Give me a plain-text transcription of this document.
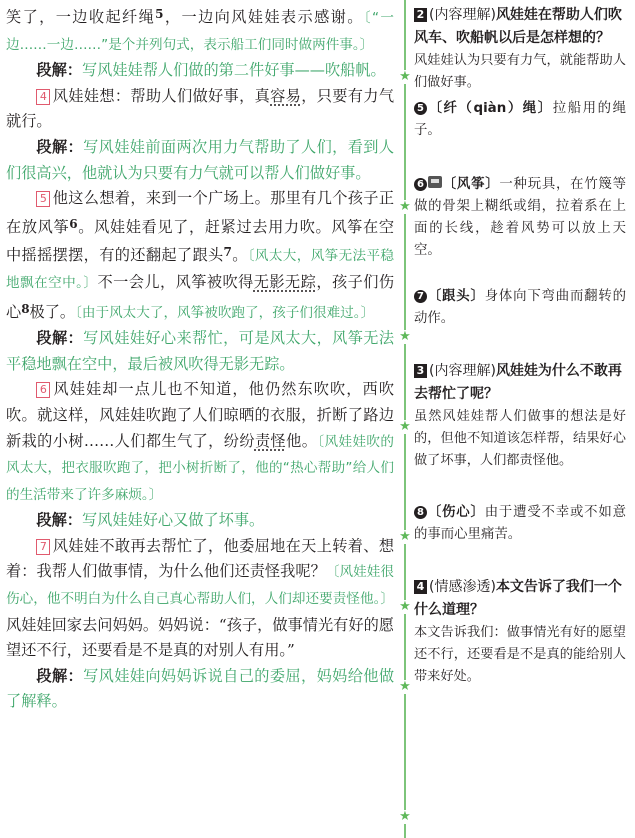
笑了，一边收起纤绳$^5$，一边向风娃娃表示感谢。〔“一边……一边……”是个并列句式，表示船工们同时做两件事。〕

段解：写风娃娃帮人们做的第二件好事——吹船帆。

4 风娃娃想：帮助人们做好事，真容易，只要有力气就行。

段解：写风娃娃前面两次用力气帮助了人们，看到人们很高兴，他就认为只要有力气就可以帮人们做好事。

5 他这么想着，来到一个广场上。那里有几个孩子正在放风筝$^6$。风娃娃看见了，赶紧过去用力吹。风筝在空中摇摇摆摆，有的还翻起了跟头$^7$。〔风太大，风筝无法平稳地飘在空中。〕不一会儿，风筝被吹得无影无踪，孩子们伤心$^8$极了。〔由于风太大了，风筝被吹跑了，孩子们很难过。〕

段解：写风娃娃好心来帮忙，可是风太大，风筝无法平稳地飘在空中，最后被风吹得无影无踪。

6 风娃娃却一点儿也不知道，他仍然东吹吹，西吹吹。就这样，风娃娃吹跑了人们晾晒的衣服，折断了路边新栽的小树……人们都生气了，纷纷责怪他。〔风娃娃吹的风太大，把衣服吹跑了，把小树折断了，他的“热心帮助”给人们的生活带来了许多麻烦。〕

段解：写风娃娃好心又做了坏事。

7 风娃娃不敢再去帮忙了，他委屈地在天上转着、想着：我帮人们做事情，为什么他们还责怪我呢？〔风娃娃很伤心，他不明白为什么自己真心帮助人们，人们却还要责怪他。〕风娃娃回家去问妈妈。妈妈说：“孩子，做事情光有好的愿望还不行，还要看是不是真的对别人有用。”

段解：写风娃娃向妈妈诉说自己的委屈，妈妈给他做了解释。

★
★
★
★
★
★
★
★
2 (内容理解)风娃娃在帮助人们吹风车、吹船帆以后是怎样想的？
风娃娃认为只要有力气，就能帮助人们做好事。
5 〔纤（qiàn）绳〕拉船用的绳子。
6 〔风筝〕一种玩具，在竹篾等做的骨架上糊纸或绢，拉着系在上面的长线，趁着风势可以放上天空。
7 〔跟头〕身体向下弯曲而翻转的动作。
3 (内容理解)风娃娃为什么不敢再去帮忙了呢？
虽然风娃娃帮人们做事的想法是好的，但他不知道该怎样帮，结果好心做了坏事，人们都责怪他。
8 〔伤心〕由于遭受不幸或不如意的事而心里痛苦。
4 (情感渗透)本文告诉了我们一个什么道理？
本文告诉我们：做事情光有好的愿望还不行，还要看是不是真的能给别人带来好处。
